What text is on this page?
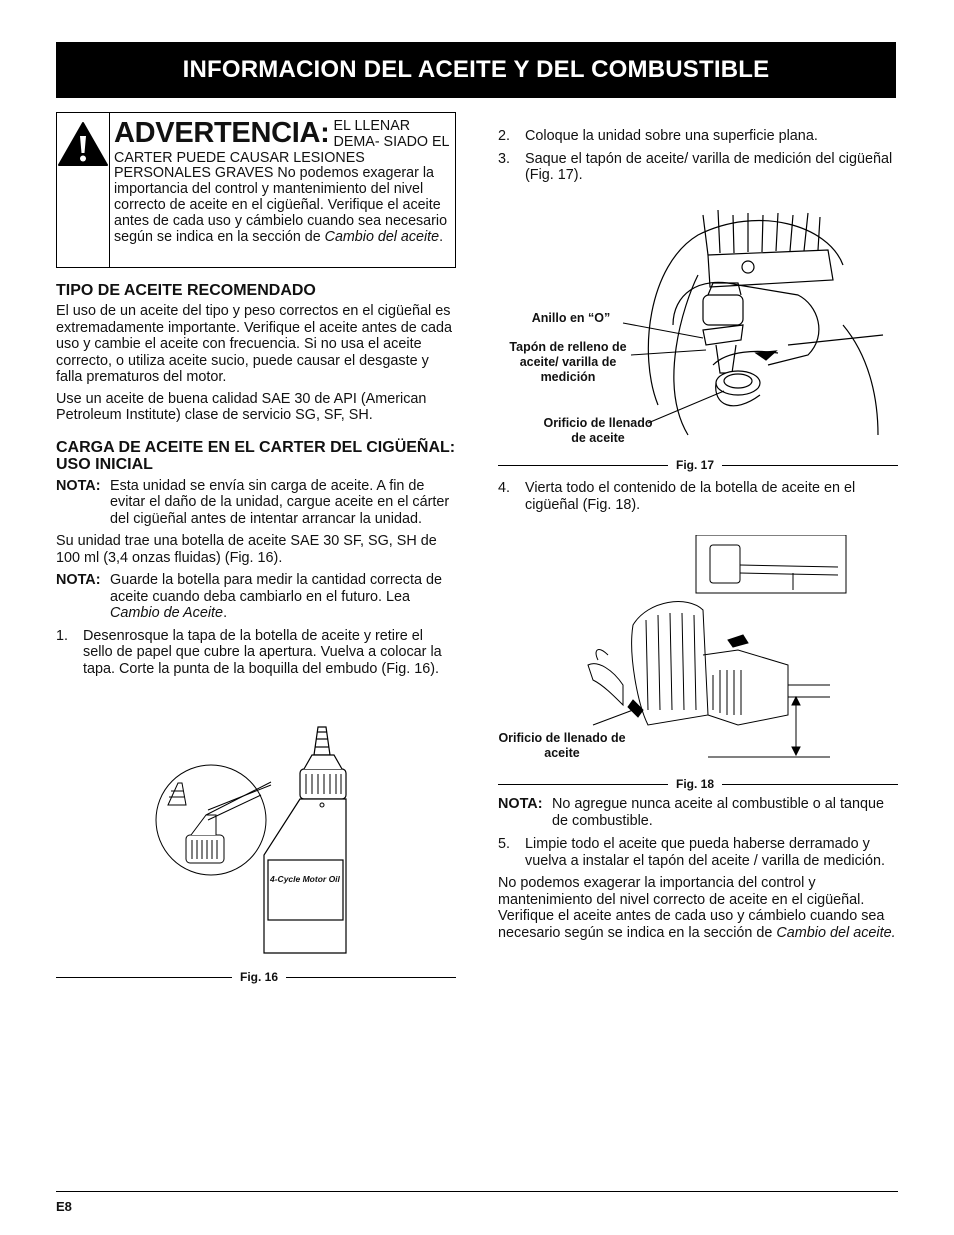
INFORMACION DEL ACEITE Y DEL COMBUSTIBLE
ADVERTENCIA: EL LLENAR DEMA- SIADO EL CARTER PUEDE CAUSAR LESIONES PERSONALES GRAVES No podemos exagerar la importancia del control y mantenimiento del nivel correcto de aceite en el cigüeñal. Verifique el aceite antes de cada uso y cámbielo cuando sea necesario según se indica en la sección de Cambio del aceite.
TIPO DE ACEITE RECOMENDADO

El uso de un aceite del tipo y peso correctos en el cigüeñal es extremadamente importante. Verifique el aceite antes de cada uso y cambie el aceite con frecuencia. Si no usa el aceite correcto, o utiliza aceite sucio, puede causar el desgaste y falla prematuros del motor.

Use un aceite de buena calidad SAE 30 de API (American Petroleum Institute) clase de servicio SG, SF, SH.

CARGA DE ACEITE EN EL CARTER DEL CIGÜEÑAL: USO INICIAL
NOTA: Esta unidad se envía sin carga de aceite. A fin de evitar el daño de la unidad, cargue aceite en el cárter del cigüeñal antes de intentar arrancar la unidad.

Su unidad trae una botella de aceite SAE 30 SF, SG, SH de 100 ml (3,4 onzas fluidas) (Fig. 16).

NOTA: Guarde la botella para medir la cantidad correcta de aceite cuando deba cambiarlo en el futuro. Lea Cambio de Aceite.
1.	Desenrosque la tapa de la botella de aceite y retire el sello de papel que cubre la apertura. Vuelva a colocar la tapa. Corte la punta de la boquilla del embudo (Fig. 16).
4-Cycle Motor Oil
Fig. 16
2.	Coloque la unidad sobre una superficie plana.
3.	Saque el tapón de aceite/ varilla de medición del cigüeñal (Fig. 17).
Anillo en “O”
Tapón de relleno de aceite/ varilla de medición
Orificio de llenado de aceite
Fig. 17
4.	Vierta todo el contenido de la botella de aceite en el cigüeñal (Fig. 18).
Orificio de llenado de aceite
Fig. 18
NOTA: No agregue nunca aceite al combustible o al tanque de combustible.
5.	Limpie todo el aceite que pueda haberse derramado y vuelva a instalar el tapón del aceite / varilla de medición.

No podemos exagerar la importancia del control y mantenimiento del nivel correcto de aceite en el cigüeñal. Verifique el aceite antes de cada uso y cámbielo cuando sea necesario según se indica en la sección de Cambio del aceite.

E8
